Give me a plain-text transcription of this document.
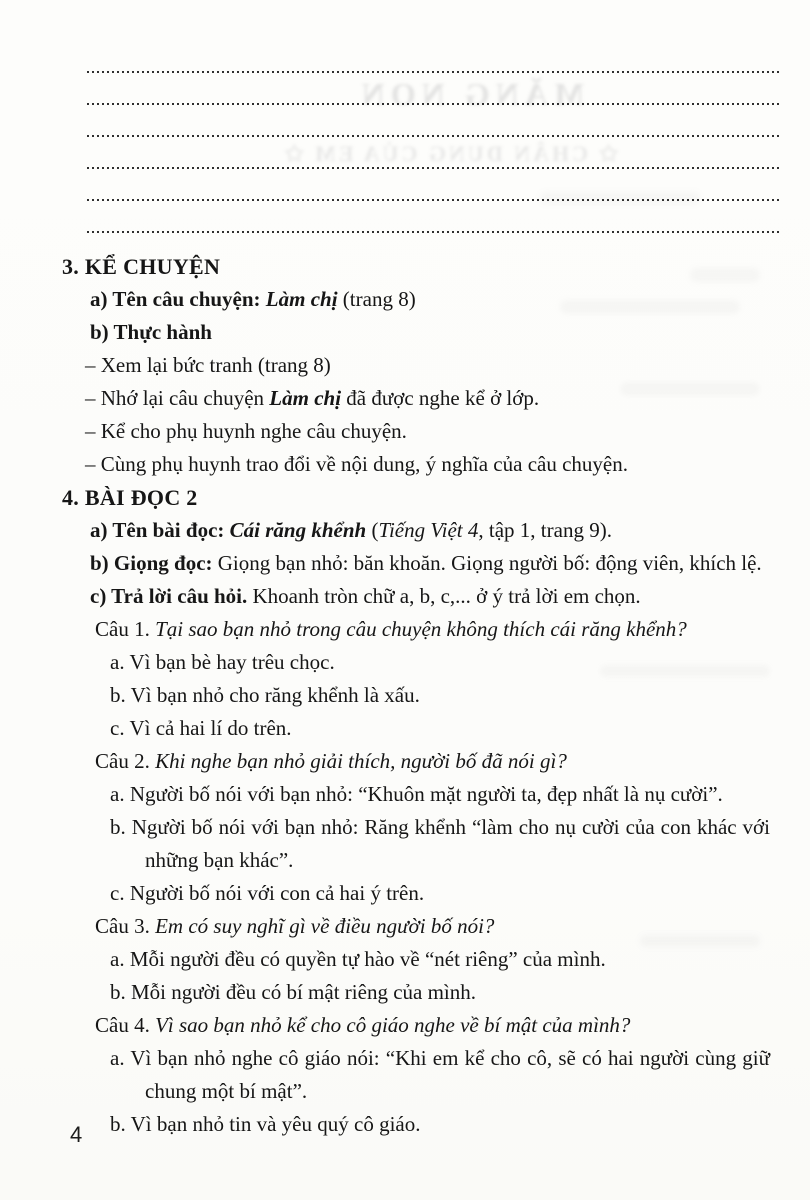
MĂNG NON
✩ CHÂN DUNG CỦA EM ✩
3. KỂ CHUYỆN
a) Tên câu chuyện: Làm chị (trang 8)
b) Thực hành
– Xem lại bức tranh (trang 8)
– Nhớ lại câu chuyện Làm chị đã được nghe kể ở lớp.
– Kể cho phụ huynh nghe câu chuyện.
– Cùng phụ huynh trao đổi về nội dung, ý nghĩa của câu chuyện.
4. BÀI ĐỌC 2
a) Tên bài đọc: Cái răng khểnh (Tiếng Việt 4, tập 1, trang 9).
b) Giọng đọc: Giọng bạn nhỏ: băn khoăn. Giọng người bố: động viên, khích lệ.
c) Trả lời câu hỏi. Khoanh tròn chữ a, b, c,... ở ý trả lời em chọn.
Câu 1. Tại sao bạn nhỏ trong câu chuyện không thích cái răng khểnh?
a. Vì bạn bè hay trêu chọc.
b. Vì bạn nhỏ cho răng khểnh là xấu.
c. Vì cả hai lí do trên.
Câu 2. Khi nghe bạn nhỏ giải thích, người bố đã nói gì?
a. Người bố nói với bạn nhỏ: “Khuôn mặt người ta, đẹp nhất là nụ cười”.
b. Người bố nói với bạn nhỏ: Răng khểnh “làm cho nụ cười của con khác với những bạn khác”.
c. Người bố nói với con cả hai ý trên.
Câu 3. Em có suy nghĩ gì về điều người bố nói?
a. Mỗi người đều có quyền tự hào về “nét riêng” của mình.
b. Mỗi người đều có bí mật riêng của mình.
Câu 4. Vì sao bạn nhỏ kể cho cô giáo nghe về bí mật của mình?
a. Vì bạn nhỏ nghe cô giáo nói: “Khi em kể cho cô, sẽ có hai người cùng giữ chung một bí mật”.
b. Vì bạn nhỏ tin và yêu quý cô giáo.
4
